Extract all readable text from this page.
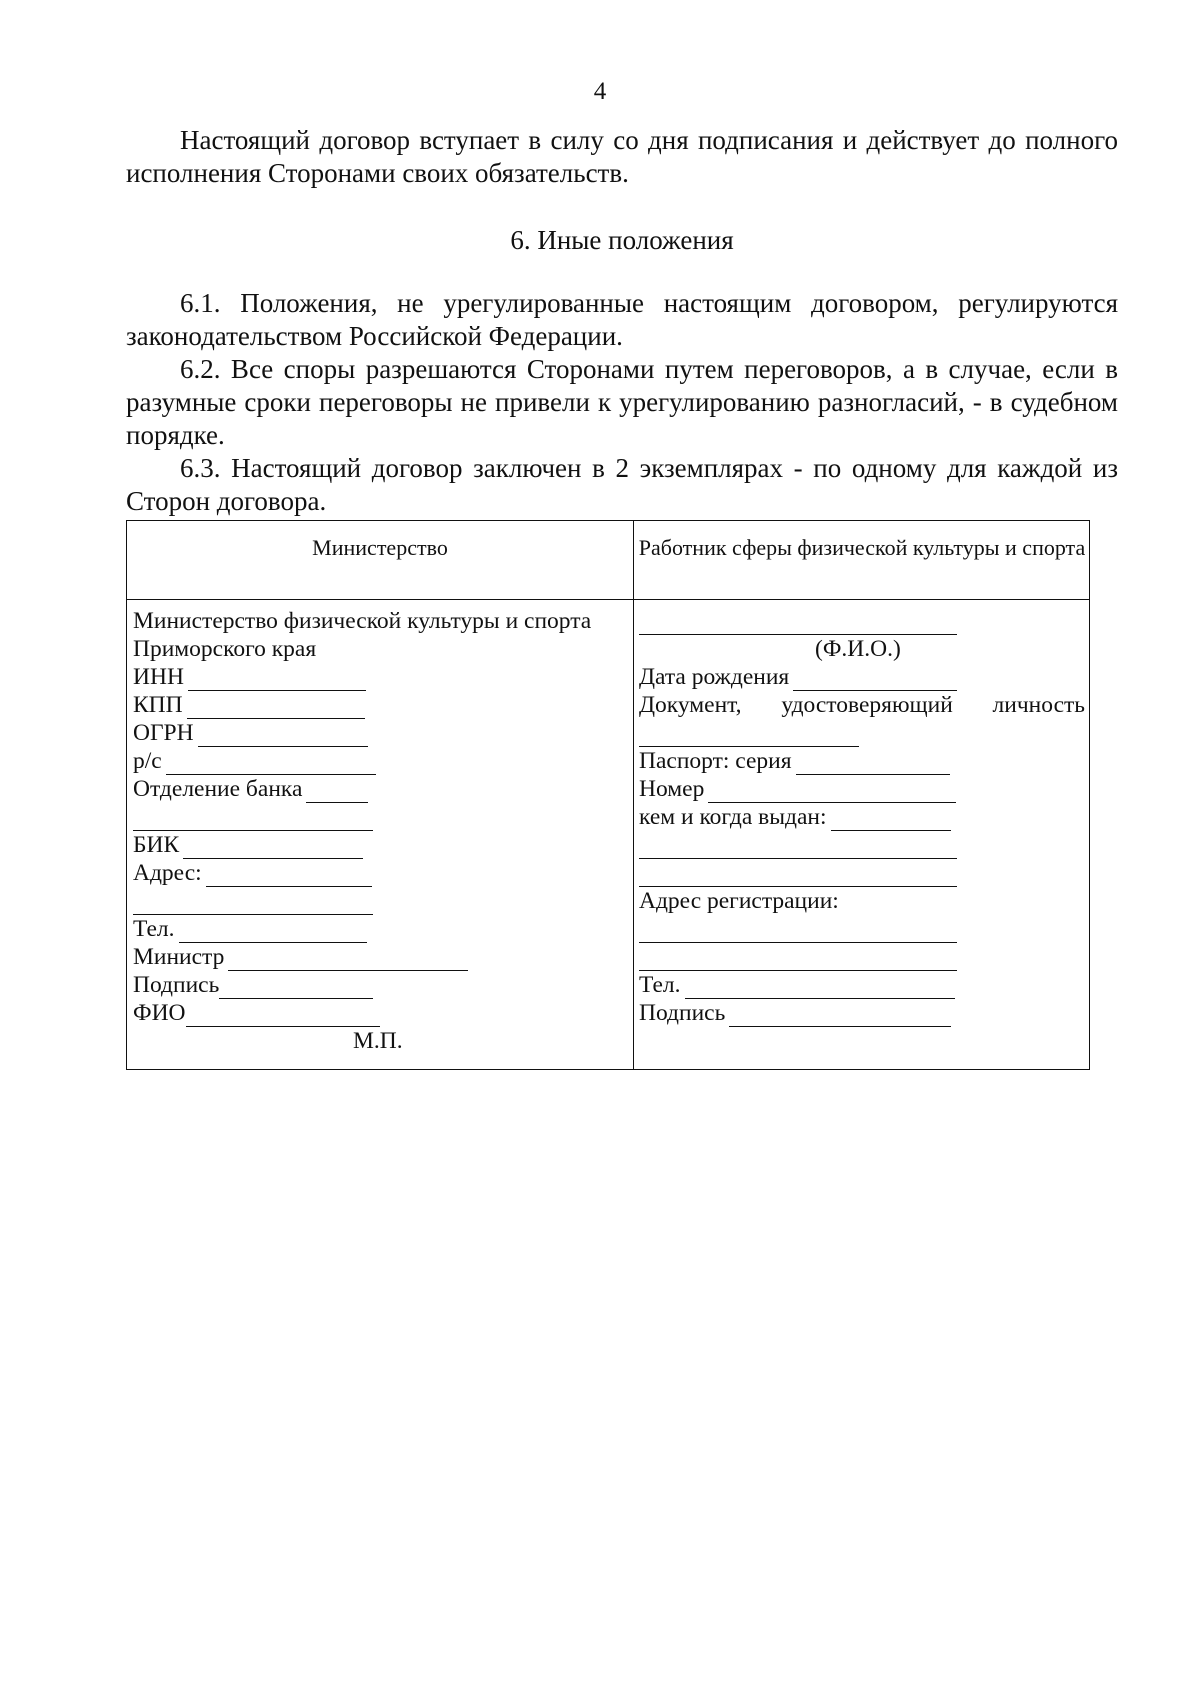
4

Настоящий договор вступает в силу со дня подписания и действует до полного исполнения Сторонами своих обязательств.

6. Иные положения

6.1. Положения, не урегулированные настоящим договором, регулируются законодательством Российской Федерации.

6.2. Все споры разрешаются Сторонами путем переговоров, а в случае, если в разумные сроки переговоры не привели к урегулированию разногласий, - в судебном порядке.

6.3. Настоящий договор заключен в 2 экземплярах - по одному для каждой из Сторон договора.

Министерство	Работник сферы физической культуры и спорта
Министерство физической культуры и спорта
Приморского края
ИНН
КПП
ОГРН
р/с
Отделение банка
БИК
Адрес:
Тел.
Министр
Подпись
ФИО
М.П.
(Ф.И.О.)
Дата рождения
Документ, удостоверяющий личность
Паспорт: серия
Номер
кем и когда выдан:
Адрес регистрации:
Тел.
Подпись
